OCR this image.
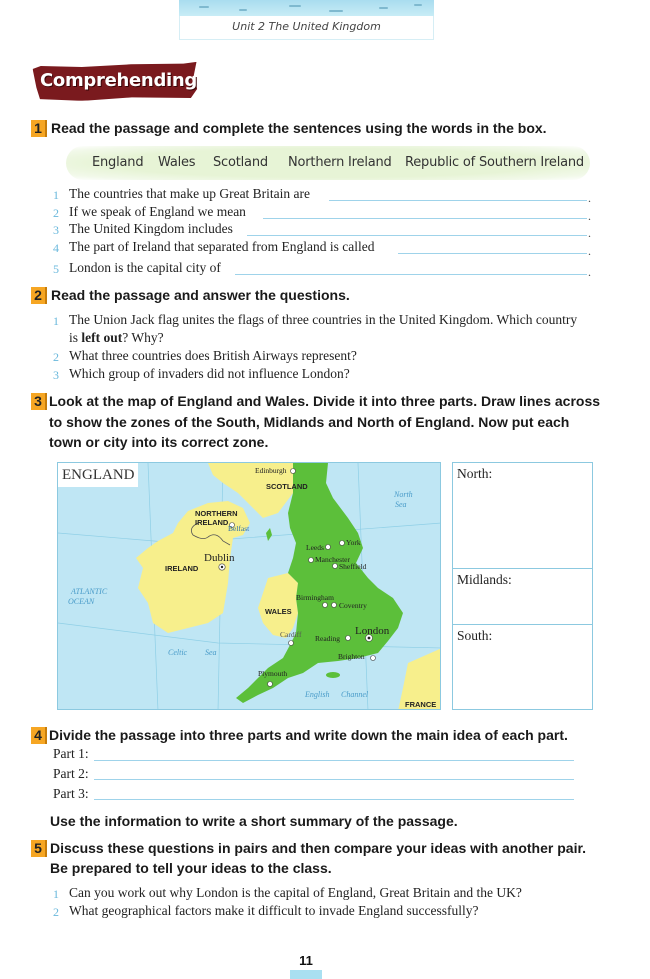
Unit 2 The United Kingdom
Comprehending
1 Read the passage and complete the sentences using the words in the box.
England Wales Scotland Northern Ireland Republic of Southern Ireland
1 The countries that make up Great Britain are	.
2 If we speak of England we mean	.
3 The United Kingdom includes	.
4 The part of Ireland that separated from England is called	.
5 London is the capital city of	.
2 Read the passage and answer the questions.
1 The Union Jack flag unites the flags of three countries in the United Kingdom. Which country
is left out? Why?
2 What three countries does British Airways represent?
3 Which group of invaders did not influence London?
3 Look at the map of England and Wales. Divide it into three parts. Draw lines across
to show the zones of the South, Midlands and North of England. Now put each
town or city into its correct zone.
ENGLAND	Edinburgh
SCOTLAND
North
Sea
NORTHERN
IRELAND
Belfast
Dublin
IRELAND
Leeds
York
Manchester
Sheffield
ATLANTIC
OCEAN	Birmingham
Coventry
WALES
Cardiff Reading
London
Brighton
Celtic Sea
Plymouth
English Channel
FRANCE
North:
Midlands:
South:
4 Divide the passage into three parts and write down the main idea of each part.
Part 1:
Part 2:
Part 3:
Use the information to write a short summary of the passage.
5 Discuss these questions in pairs and then compare your ideas with another pair.
Be prepared to tell your ideas to the class.
1 Can you work out why London is the capital of England, Great Britain and the UK?
2 What geographical factors make it difficult to invade England successfully?
11
